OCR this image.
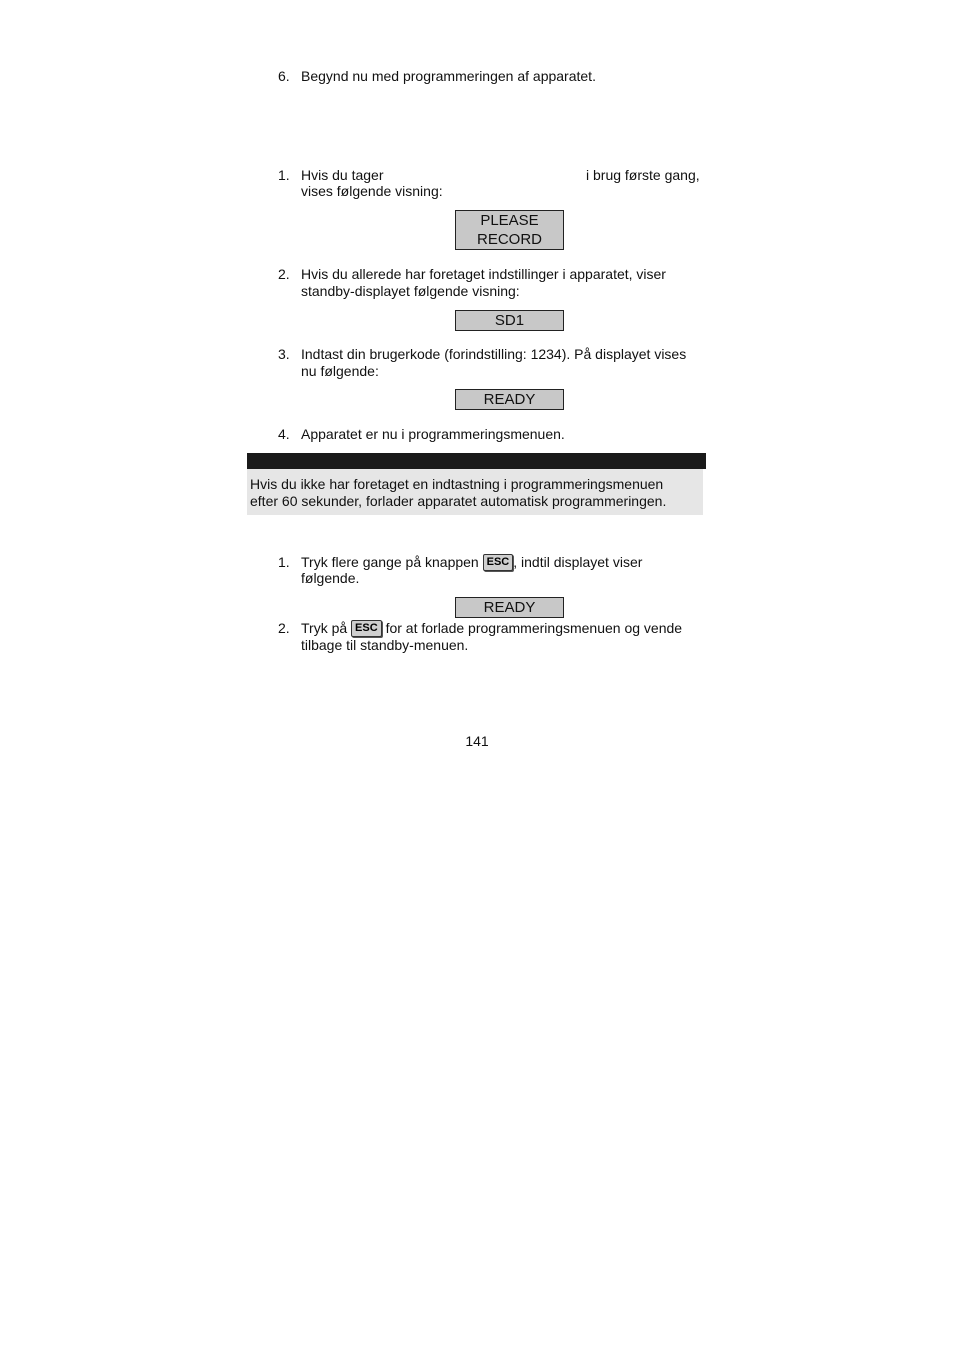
6. Begynd nu med programmeringen af apparatet.
1. Hvis du tager	i brug første gang,
vises følgende visning:
PLEASE RECORD
2. Hvis du allerede har foretaget indstillinger i apparatet, viser standby-displayet følgende visning:
SD1
3. Indtast din brugerkode (forindstilling: 1234). På displayet vises nu følgende:
READY
4. Apparatet er nu i programmeringsmenuen.

Hvis du ikke har foretaget en indtastning i programmeringsmenuen

efter 60 sekunder, forlader apparatet automatisk programmeringen.

1. Tryk flere gange på knappen ESC , indtil displayet viser
følgende.
READY
2. Tryk på ESC for at forlade programmeringsmenuen og vende
tilbage til standby-menuen.
141
